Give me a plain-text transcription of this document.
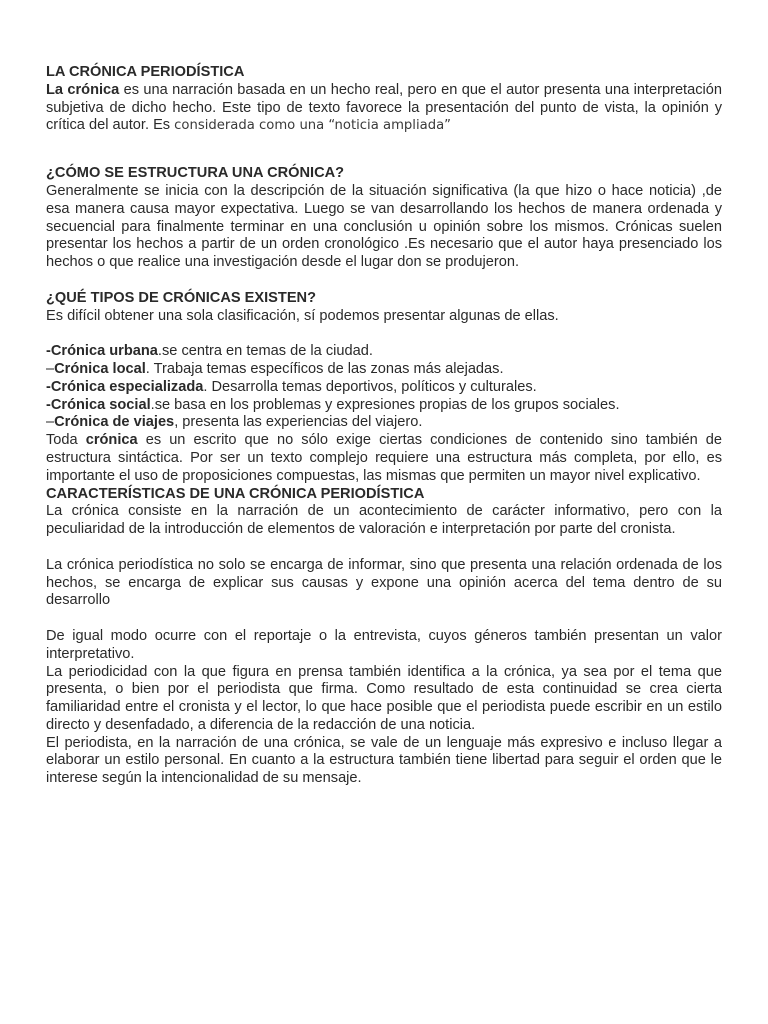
LA CRÓNICA PERIODÍSTICA

La crónica es una narración basada en un hecho real, pero en que el autor presenta una interpretación subjetiva de dicho hecho. Este tipo de texto favorece la presentación del punto de vista, la opinión y crítica del autor. Es considerada como una “noticia ampliada”

¿CÓMO SE ESTRUCTURA UNA CRÓNICA?

Generalmente se inicia con la descripción de la situación significativa (la que hizo o hace noticia) ,de esa manera causa mayor expectativa. Luego se van desarrollando los hechos de manera ordenada y secuencial para finalmente terminar en una conclusión u opinión sobre los mismos. Crónicas suelen presentar los hechos a partir de un orden cronológico .Es necesario que el autor haya presenciado los hechos o que realice una investigación desde el lugar don se produjeron.

¿QUÉ TIPOS DE CRÓNICAS EXISTEN?

Es difícil obtener una sola clasificación, sí podemos presentar algunas de ellas.

-Crónica urbana.se centra en temas de la ciudad.

–Crónica local. Trabaja temas específicos de las zonas más alejadas.

-Crónica especializada. Desarrolla temas deportivos, políticos y culturales.

-Crónica social.se basa en los problemas y expresiones propias de los grupos sociales.

–Crónica de viajes, presenta las experiencias del viajero.

Toda crónica es un escrito que no sólo exige ciertas condiciones de contenido sino también de estructura sintáctica. Por ser un texto complejo requiere una estructura más completa, por ello, es importante el uso de proposiciones compuestas, las mismas que permiten un mayor nivel explicativo.

CARACTERÍSTICAS DE UNA CRÓNICA PERIODÍSTICA

La crónica consiste en la narración de un acontecimiento de carácter informativo, pero con la peculiaridad de la introducción de elementos de valoración e interpretación por parte del cronista.

La crónica periodística no solo se encarga de informar, sino que presenta una relación ordenada de los hechos, se encarga de explicar sus causas y expone una opinión acerca del tema dentro de su desarrollo

De igual modo ocurre con el reportaje o la entrevista, cuyos géneros también presentan un valor interpretativo.

La periodicidad con la que figura en prensa también identifica a la crónica, ya sea por el tema que presenta, o bien por el periodista que firma. Como resultado de esta continuidad se crea cierta familiaridad entre el cronista y el lector, lo que hace posible que el periodista puede escribir en un estilo directo y desenfadado, a diferencia de la redacción de una noticia.

El periodista, en la narración de una crónica, se vale de un lenguaje más expresivo e incluso llegar a elaborar un estilo personal. En cuanto a la estructura también tiene libertad para seguir el orden que le interese según la intencionalidad de su mensaje.
